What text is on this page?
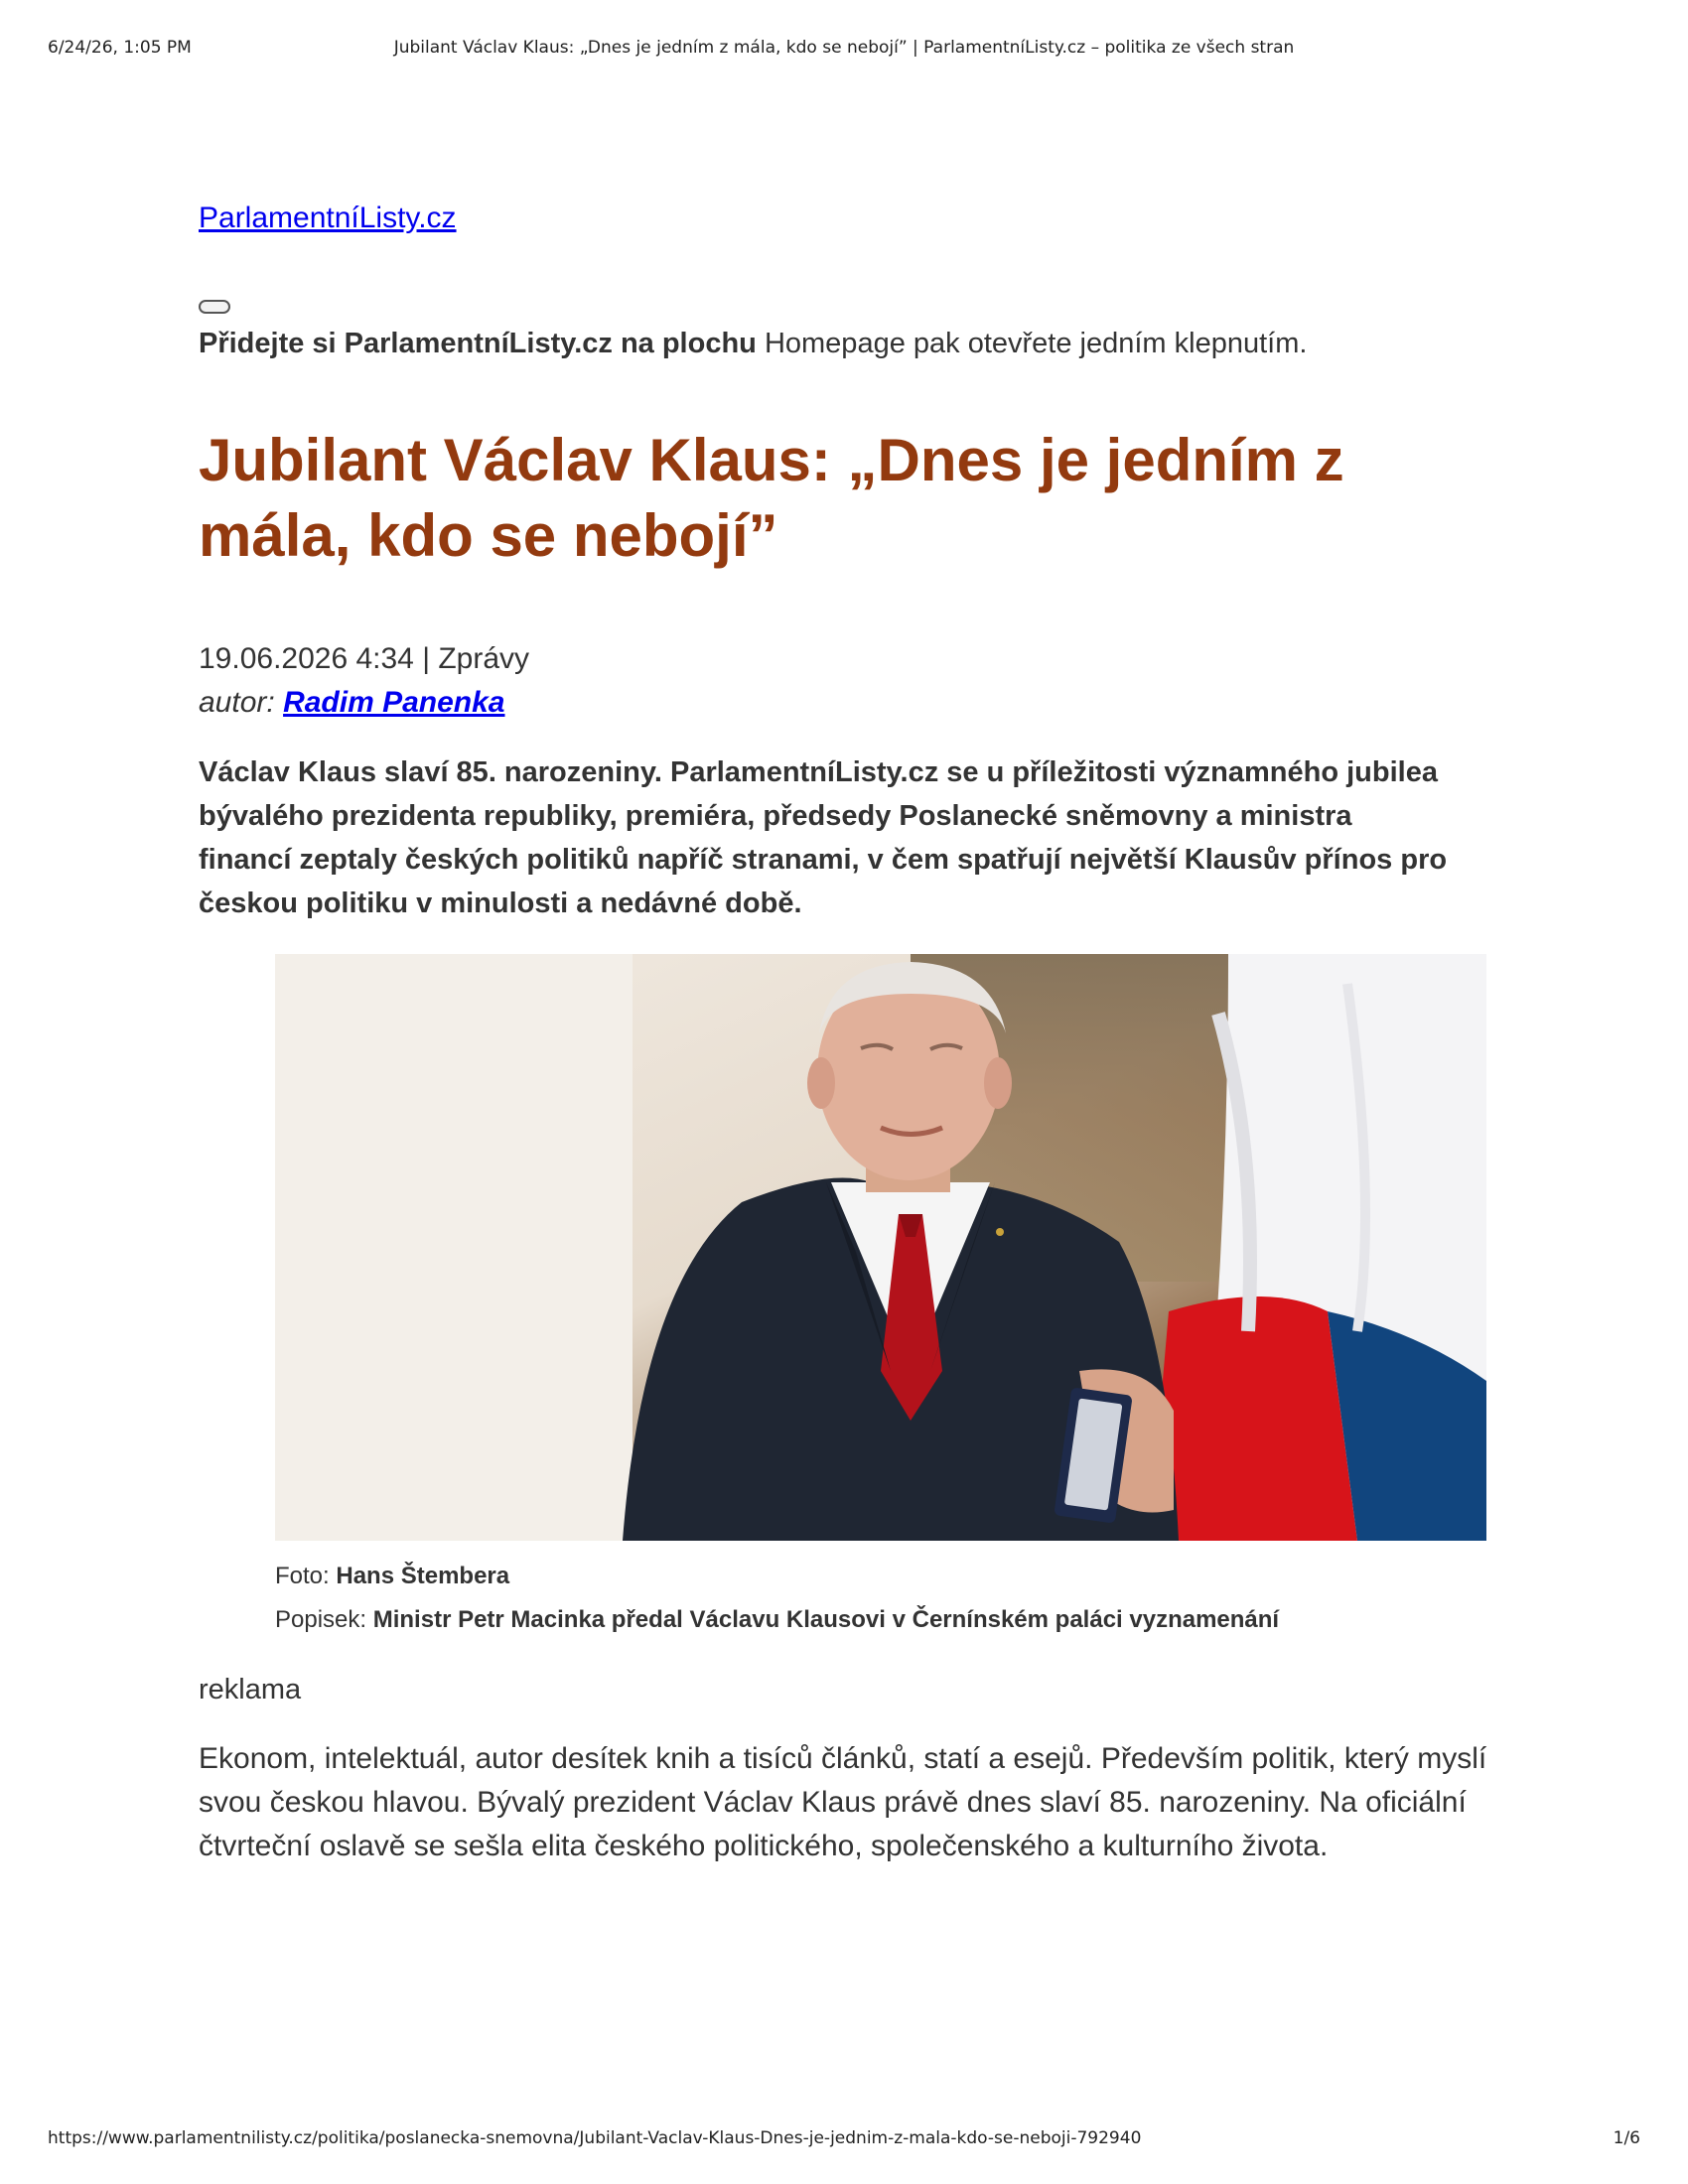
6/24/26, 1:05 PM	Jubilant Václav Klaus: „Dnes je jedním z mála, kdo se nebojí” | ParlamentníListy.cz – politika ze všech stran
ParlamentníListy.cz
Přidejte si ParlamentníListy.cz na plochu Homepage pak otevřete jedním klepnutím.
Jubilant Václav Klaus: „Dnes je jedním z mála, kdo se nebojí”
19.06.2026 4:34 | Zprávy
autor: Radim Panenka

Václav Klaus slaví 85. narozeniny. ParlamentníListy.cz se u příležitosti významného jubilea bývalého prezidenta republiky, premiéra, předsedy Poslanecké sněmovny a ministra financí zeptaly českých politiků napříč stranami, v čem spatřují největší Klausův přínos pro českou politiku v minulosti a nedávné době.

Foto: Hans Štembera
Popisek: Ministr Petr Macinka předal Václavu Klausovi v Černínském paláci vyznamenání
reklama

Ekonom, intelektuál, autor desítek knih a tisíců článků, statí a esejů. Především politik, který myslí svou českou hlavou. Bývalý prezident Václav Klaus právě dnes slaví 85. narozeniny. Na oficiální čtvrteční oslavě se sešla elita českého politického, společenského a kulturního života.

https://www.parlamentnilisty.cz/politika/poslanecka-snemovna/Jubilant-Vaclav-Klaus-Dnes-je-jednim-z-mala-kdo-se-neboji-792940	1/6
